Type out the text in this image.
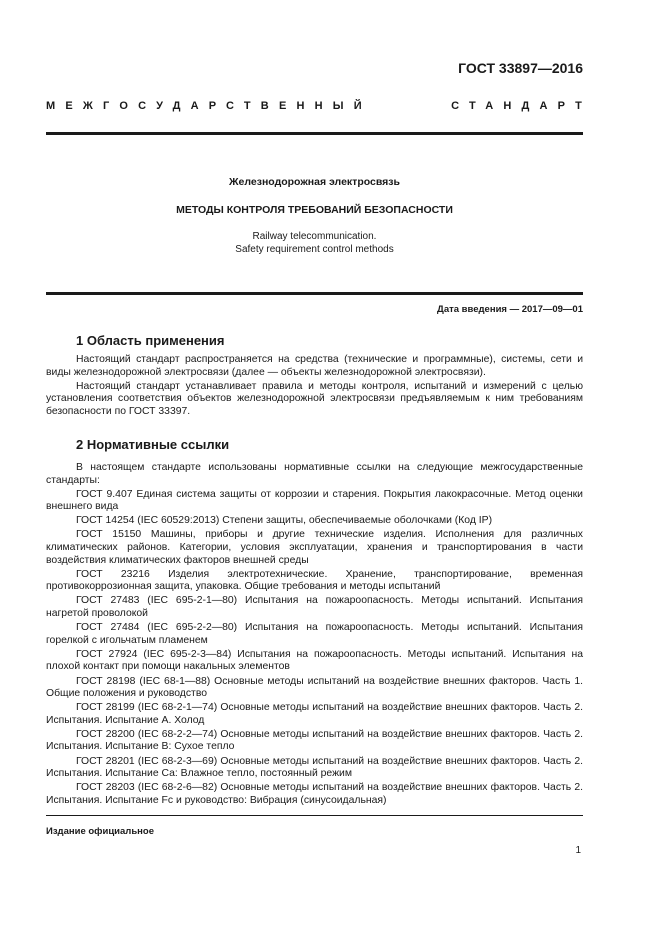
ГОСТ 33897—2016
МЕЖГОСУДАРСТВЕННЫЙ	СТАНДАРТ
Железнодорожная электросвязь
МЕТОДЫ КОНТРОЛЯ ТРЕБОВАНИЙ БЕЗОПАСНОСТИ
Railway telecommunication.
Safety requirement control methods
Дата введения — 2017—09—01
1 Область применения

Настоящий стандарт распространяется на средства (технические и программные), системы, сети и виды железнодорожной электросвязи (далее — объекты железнодорожной электросвязи).

Настоящий стандарт устанавливает правила и методы контроля, испытаний и измерений с целью установления соответствия объектов железнодорожной электросвязи предъявляемым к ним требованиям безопасности по ГОСТ 33397.

2 Нормативные ссылки

В настоящем стандарте использованы нормативные ссылки на следующие межгосударственные стандарты:

ГОСТ 9.407 Единая система защиты от коррозии и старения. Покрытия лакокрасочные. Метод оценки внешнего вида

ГОСТ 14254 (IEC 60529:2013) Степени защиты, обеспечиваемые оболочками (Код IP)

ГОСТ 15150 Машины, приборы и другие технические изделия. Исполнения для различных климатических районов. Категории, условия эксплуатации, хранения и транспортирования в части воздействия климатических факторов внешней среды

ГОСТ 23216 Изделия электротехнические. Хранение, транспортирование, временная противокоррозионная защита, упаковка. Общие требования и методы испытаний

ГОСТ 27483 (IEC 695-2-1—80) Испытания на пожароопасность. Методы испытаний. Испытания нагретой проволокой

ГОСТ 27484 (IEC 695-2-2—80) Испытания на пожароопасность. Методы испытаний. Испытания горелкой с игольчатым пламенем

ГОСТ 27924 (IEC 695-2-3—84) Испытания на пожароопасность. Методы испытаний. Испытания на плохой контакт при помощи накальных элементов

ГОСТ 28198 (IEC 68-1—88) Основные методы испытаний на воздействие внешних факторов. Часть 1. Общие положения и руководство

ГОСТ 28199 (IEC 68-2-1—74) Основные методы испытаний на воздействие внешних факторов. Часть 2. Испытания. Испытание А. Холод

ГОСТ 28200 (IEC 68-2-2—74) Основные методы испытаний на воздействие внешних факторов. Часть 2. Испытания. Испытание В: Сухое тепло

ГОСТ 28201 (IEC 68-2-3—69) Основные методы испытаний на воздействие внешних факторов. Часть 2. Испытания. Испытание Са: Влажное тепло, постоянный режим

ГОСТ 28203 (IEC 68-2-6—82) Основные методы испытаний на воздействие внешних факторов. Часть 2. Испытания. Испытание Fc и руководство: Вибрация (синусоидальная)

Издание официальное
1
